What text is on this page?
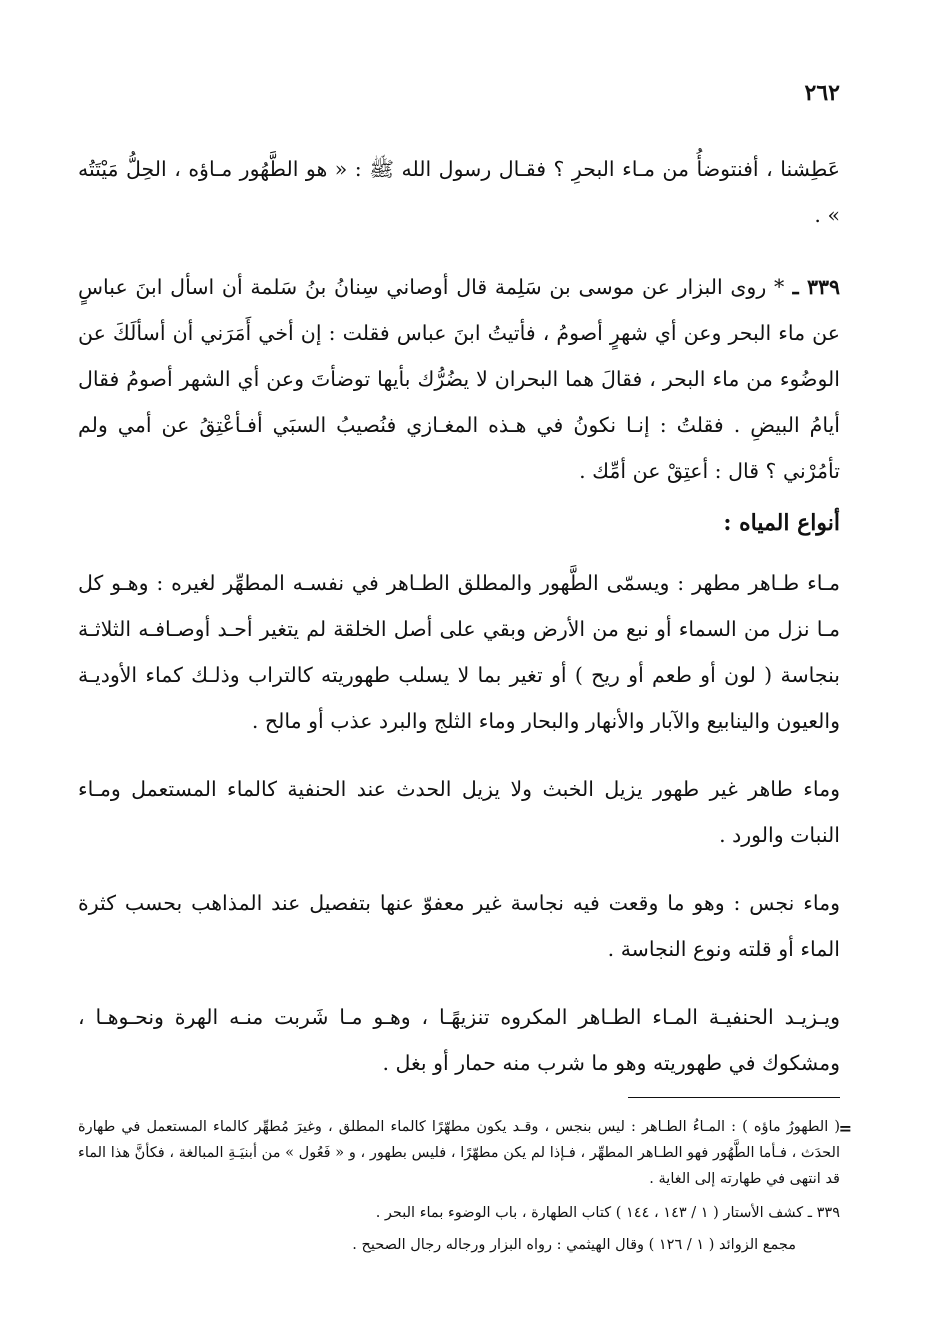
٢٦٢

عَطِشنا ، أفنتوضأُ من مـاء البحرِ ؟ فقـال رسول الله ﷺ : « هو الطَّهُور مـاؤه ، الحِلُّ مَيْتَتُه » .

٣٣٩ ـ * روى البزار عن موسى بن سَلِمة قال أوصاني سِنانُ بنُ سَلمة أن اسأل ابنَ عباسٍ عن ماء البحر وعن أي شهرٍ أصومُ ، فأتيتُ ابنَ عباس فقلت : إن أخي أَمَرَني أن أسألَكَ عن الوضُوء من ماء البحر ، فقالَ هما البحران لا يضُرُّك بأيها توضأتَ وعن أي الشهر أصومُ فقال أيامُ البيضِ . فقلتُ : إنـا نكونُ في هـذه المغـازي فنُصيبُ السبَي أفـأعْتِقُ عن أمي ولم تأمُرْني ؟ قال : أعتِقْ عن أمِّك .

أنواع المياه :

مـاء طـاهر مطهر : ويسمّى الطَّهور والمطلق الطـاهر في نفسـه المطهِّر لغيره : وهـو كل مـا نزل من السماء أو نبع من الأرض وبقي على أصل الخلقة لم يتغير أحـد أوصـافـه الثلاثـة بنجاسة ( لون أو طعم أو ريح ) أو تغير بما لا يسلب طهوريته كالتراب وذلـك كماء الأوديـة والعيون والينابيع والآبار والأنهار والبحار وماء الثلج والبرد عذب أو مالح .

وماء طاهر غير طهور يزيل الخبث ولا يزيل الحدث عند الحنفية كالماء المستعمل ومـاء النبات والورد .

وماء نجس : وهو ما وقعت فيه نجاسة غير معفوّ عنها بتفصيل عند المذاهب بحسب كثرة الماء أو قلته ونوع النجاسة .

ويـزيـد الحنفيـة المـاء الطـاهر المكروه تنزيهًـا ، وهـو مـا شَربت منـه الهرة ونحـوهـا ، ومشكوك في طهوريته وهو ما شرب منه حمار أو بغل .

=

( الطهورُ ماؤه ) : المـاءُ الطـاهر : ليس بنجس ، وقـد يكون مطهّرًا كالماء المطلق ، وغيرَ مُطهِّر كالماء المستعمل في طهارة الحدَث ، فـأما الطَّهُور فهو الطـاهر المطهِّر ، فـإذا لم يكن مطهّرًا ، فليس بطهور ، و « فَعُول » من أبنيَـةِ المبالغة ، فكأنَّ هذا الماء قد انتهى في طهارته إلى الغاية .

٣٣٩ ـ كشف الأستار ( ١ / ١٤٣ ، ١٤٤ ) كتاب الطهارة ، باب الوضوء بماء البحر .

مجمع الزوائد ( ١ / ١٢٦ ) وقال الهيثمي : رواه البزار ورجاله رجال الصحيح .
